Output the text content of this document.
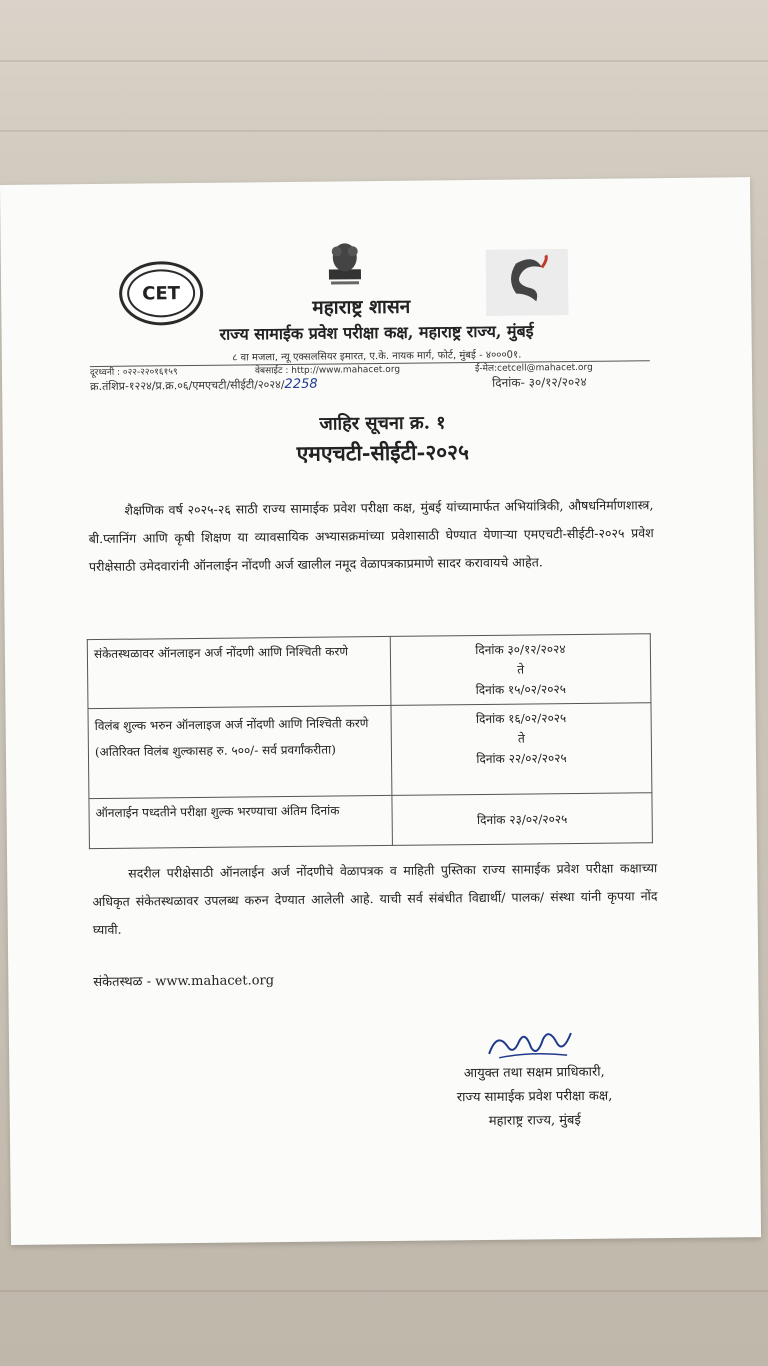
CET
महाराष्ट्र शासन
राज्य सामाईक प्रवेश परीक्षा कक्ष, महाराष्ट्र राज्य, मुंबई
८ वा मजला, न्यू एक्सलसियर इमारत, ए.के. नायक मार्ग, फोर्ट, मुंबई - ४०००0१.
दूरध्वनी : ०२२-२२०१६१५९	वेबसाईट : http://www.mahacet.org	ई-मेल:cetcell@mahacet.org
क्र.तंशिप्र-१२२४/प्र.क्र.०६/एमएचटी/सीईटी/२०२४/2258	दिनांक- ३०/१२/२०२४
जाहिर सूचना क्र. १
एमएचटी-सीईटी-२०२५
शैक्षणिक वर्ष २०२५-२६ साठी राज्य सामाईक प्रवेश परीक्षा कक्ष, मुंबई यांच्यामार्फत अभियांत्रिकी, औषधनिर्माणशास्त्र, बी.प्लानिंग आणि कृषी शिक्षण या व्यावसायिक अभ्यासक्रमांच्या प्रवेशासाठी घेण्यात येणाऱ्या एमएचटी-सीईटी-२०२५ प्रवेश परीक्षेसाठी उमेदवारांनी ऑनलाईन नोंदणी अर्ज खालील नमूद वेळापत्रकाप्रमाणे सादर करावायचे आहेत.
संकेतस्थळावर ऑनलाइन अर्ज नोंदणी आणि निश्चिती करणे	दिनांक ३०/१२/२०२४
ते
दिनांक १५/०२/२०२५

विलंब शुल्क भरुन ऑनलाइज अर्ज नोंदणी आणि निश्चिती करणे (अतिरिक्त विलंब शुल्कासह रु. ५००/- सर्व प्रवर्गांकरीता)	दिनांक १६/०२/२०२५
ते
दिनांक २२/०२/२०२५

ऑनलाईन पध्दतीने परीक्षा शुल्क भरण्याचा अंतिम दिनांक	दिनांक २३/०२/२०२५
सदरील परीक्षेसाठी ऑनलाईन अर्ज नोंदणीचे वेळापत्रक व माहिती पुस्तिका राज्य सामाईक प्रवेश परीक्षा कक्षाच्या अधिकृत संकेतस्थळावर उपलब्ध करुन देण्यात आलेली आहे. याची सर्व संबंधीत विद्यार्थी/ पालक/ संस्था यांनी कृपया नोंद घ्यावी.
संकेतस्थळ - www.mahacet.org
आयुक्त तथा सक्षम प्राधिकारी,
राज्य सामाईक प्रवेश परीक्षा कक्ष,
महाराष्ट्र राज्य, मुंबई
